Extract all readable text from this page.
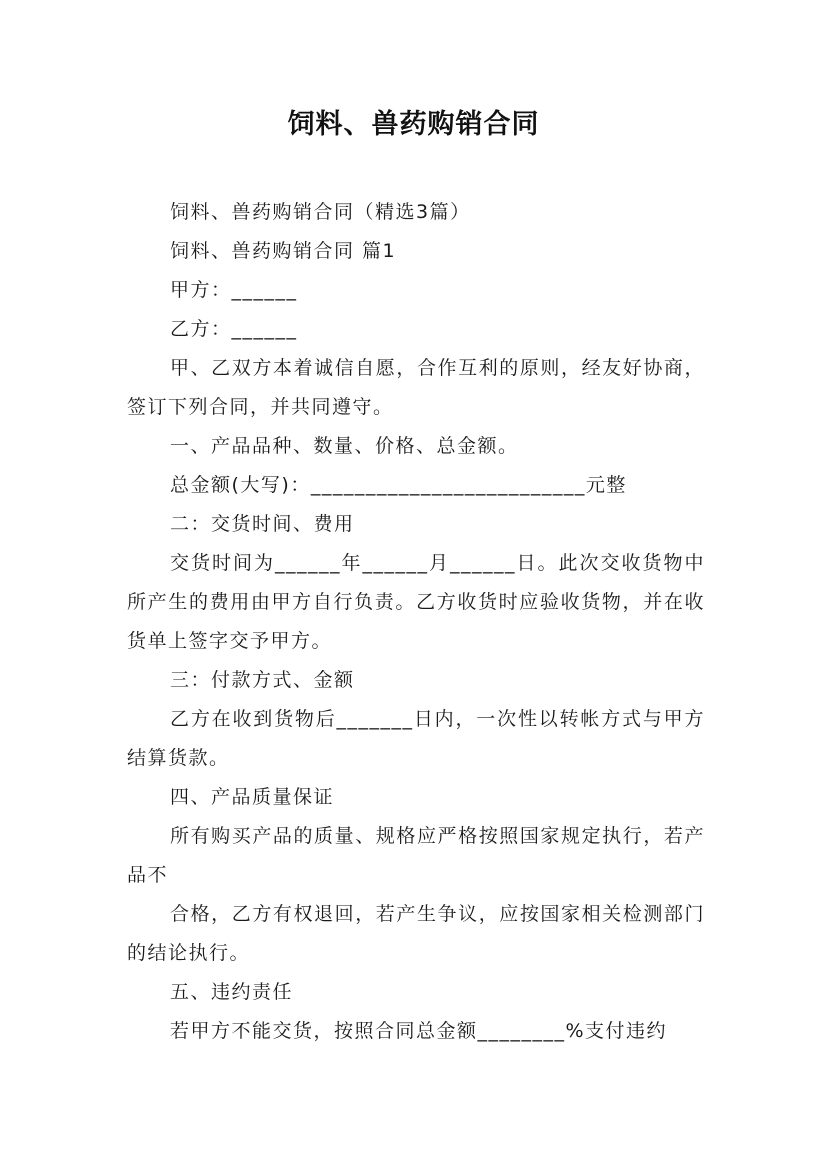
饲料、兽药购销合同

饲料、兽药购销合同（精选3篇）

饲料、兽药购销合同 篇1

甲方：______

乙方：______

甲、乙双方本着诚信自愿，合作互利的原则，经友好协商，签订下列合同，并共同遵守。

一、产品品种、数量、价格、总金额。

总金额(大写)：_________________________元整

二：交货时间、费用

交货时间为______年______月______日。此次交收货物中所产生的费用由甲方自行负责。乙方收货时应验收货物，并在收货单上签字交予甲方。

三：付款方式、金额

乙方在收到货物后_______日内，一次性以转帐方式与甲方结算货款。

四、产品质量保证

所有购买产品的质量、规格应严格按照国家规定执行，若产品不

合格，乙方有权退回，若产生争议，应按国家相关检测部门的结论执行。

五、违约责任

若甲方不能交货，按照合同总金额________%支付违约
